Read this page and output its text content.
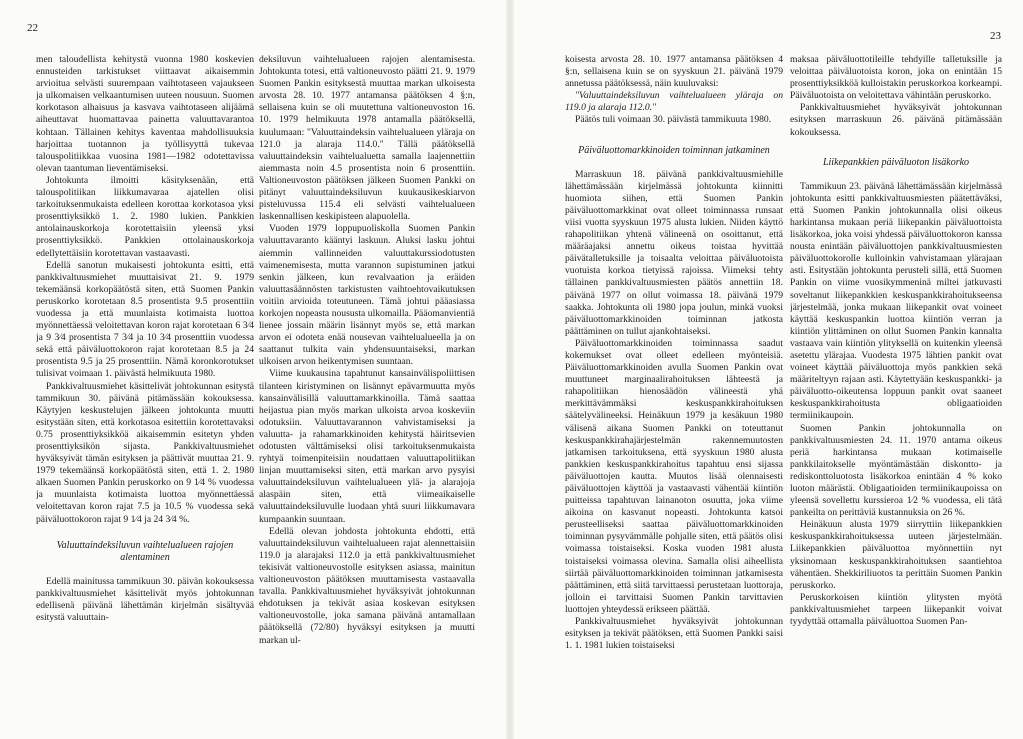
22
23

men taloudellista kehitystä vuonna 1980 koskevien ennusteiden tarkistukset viittaavat aikaisemmin arvioitua selvästi suurempaan vaihtotaseen vajaukseen ja ulkomaisen velkaantumisen uuteen nousuun. Suomen korkotason alhaisuus ja kasvava vaihtotaseen alijäämä aiheuttavat huomattavaa painetta valuuttavarantoa kohtaan. Tällainen kehitys kaventaa mahdollisuuksia harjoittaa tuotannon ja työllisyyttä tukevaa talouspolitiikkaa vuosina 1981—1982 odotettavissa olevan taantuman lieventämiseksi.

Johtokunta ilmoitti käsityksenään, että talouspolitiikan liikkumavaraa ajatellen olisi tarkoituksenmukaista edelleen korottaa korkotasoa yksi prosenttiyksikkö 1. 2. 1980 lukien. Pankkien antolainauskorkoja korotettaisiin yleensä yksi prosenttiyksikkö. Pankkien ottolainauskorkoja edellytettäisiin korotettavan vastaavasti.

Edellä sanotun mukaisesti johtokunta esitti, että pankkivaltuusmiehet muuttaisivat 21. 9. 1979 tekemäänsä korkopäätöstä siten, että Suomen Pankin peruskorko korotetaan 8.5 prosentista 9.5 prosenttiin vuodessa ja että muunlaista kotimaista luottoa myönnettäessä veloitettavan koron rajat korotetaan 6 3⁄4 ja 9 3⁄4 prosentista 7 3⁄4 ja 10 3⁄4 prosenttiin vuodessa sekä että päiväluottokoron rajat korotetaan 8.5 ja 24 prosentista 9.5 ja 25 prosenttiin. Nämä koronkorotukset tulisivat voimaan 1. päivästä helmikuuta 1980.

Pankkivaltuusmiehet käsittelivät johtokunnan esitystä tammikuun 30. päivänä pitämässään kokouksessa. Käytyjen keskustelujen jälkeen johtokunta muutti esitystään siten, että korkotasoa esitettiin korotettavaksi 0.75 prosenttiyksikköä aikaisemmin esitetyn yhden prosenttiyksikön sijasta. Pankkivaltuusmiehet hyväksyivät tämän esityksen ja päättivät muuttaa 21. 9. 1979 tekemäänsä korkopäätöstä siten, että 1. 2. 1980 alkaen Suomen Pankin peruskorko on 9 1⁄4 % vuodessa ja muunlaista kotimaista luottoa myönnettäessä veloitettavan koron rajat 7.5 ja 10.5 % vuodessa sekä päiväluottokoron rajat 9 1⁄4 ja 24 3⁄4 %.

Valuuttaindeksiluvun vaihtelualueen rajojen alentaminen

Edellä mainitussa tammikuun 30. päivän kokouksessa pankkivaltuusmiehet käsittelivät myös johtokunnan edellisenä päivänä lähettämän kirjelmän sisältyvää esitystä valuuttain-

deksiluvun vaihtelualueen rajojen alentamisesta. Johtokunta totesi, että valtioneuvosto päätti 21. 9. 1979 Suomen Pankin esityksestä muuttaa markan ulkoisesta arvosta 28. 10. 1977 antamansa päätöksen 4 §:n, sellaisena kuin se oli muutettuna valtioneuvoston 16. 10. 1979 helmikuuta 1978 antamalla päätöksellä, kuulumaan: "Valuuttaindeksin vaihtelualueen yläraja on 121.0 ja alaraja 114.0." Tällä päätöksellä valuuttaindeksin vaihtelualuetta samalla laajennettiin aiemmasta noin 4.5 prosentista noin 6 prosenttiin. Valtioneuvoston päätöksen jälkeen Suomen Pankki on pitänyt valuuttaindeksiluvun kuukausikeskiarvon pisteluvussa 115.4 eli selvästi vaihtelualueen laskennallisen keskipisteen alapuolella.

Vuoden 1979 loppupuoliskolla Suomen Pankin valuuttavaranto kääntyi laskuun. Aluksi lasku johtui aiemmin vallinneiden valuuttakurssiodotusten vaimenemisesta, mutta varannon supistuminen jatkui senkin jälkeen, kun revalvaation ja eräiden valuuttasäännösten tarkistusten vaihtoehtovaikutuksen voitiin arvioida toteutuneen. Tämä johtui pääasiassa korkojen nopeasta noususta ulkomailla. Pääomanvientiä lienee jossain määrin lisännyt myös se, että markan arvon ei odoteta enää nousevan vaihtelualueella ja on saattanut tulkita vain yhdensuuntaiseksi, markan ulkoisen arvon heikentymisen suuntaan.

Viime kuukausina tapahtunut kansainvälispoliittisen tilanteen kiristyminen on lisännyt epävarmuutta myös kansainvälisillä valuuttamarkkinoilla. Tämä saattaa heijastua pian myös markan ulkoista arvoa koskeviin odotuksiin. Valuuttavarannon vahvistamiseksi ja valuutta- ja rahamarkkinoiden kehitystä häiritsevien odotusten välttämiseksi olisi tarkoituksenmukaista ryhtyä toimenpiteisiin noudattaen valuuttapolitiikan linjan muuttamiseksi siten, että markan arvo pysyisi valuuttaindeksiluvun vaihtelualueen ylä- ja alarajoja alaspäin siten, että viimeaikaiselle valuuttaindeksiluvulle luodaan yhtä suuri liikkumavara kumpaankin suuntaan.

Edellä olevan johdosta johtokunta ehdotti, että valuuttaindeksiluvun vaihtelualueen rajat alennettaisiin 119.0 ja alarajaksi 112.0 ja että pankkivaltuusmiehet tekisivät valtioneuvostolle esityksen asiassa, mainitun valtioneuvoston päätöksen muuttamisesta vastaavalla tavalla. Pankkivaltuusmiehet hyväksyivät johtokunnan ehdotuksen ja tekivät asiaa koskevan esityksen valtioneuvostolle, joka samana päivänä antamallaan päätöksellä (72/80) hyväksyi esityksen ja muutti markan ul-

koisesta arvosta 28. 10. 1977 antamansa päätöksen 4 §:n, sellaisena kuin se on syyskuun 21. päivänä 1979 annetussa päätöksessä, näin kuuluvaksi:

"Valuuttaindeksiluvun vaihtelualueen yläraja on 119.0 ja alaraja 112.0."

Päätös tuli voimaan 30. päivästä tammikuuta 1980.

Päiväluottomarkkinoiden toiminnan jatkaminen

Marraskuun 18. päivänä pankkivaltuusmiehille lähettämässään kirjelmässä johtokunta kiinnitti huomiota siihen, että Suomen Pankin päiväluottomarkkinat ovat olleet toiminnassa runsaat viisi vuotta syyskuun 1975 alusta lukien. Niiden käyttö rahapolitiikan yhtenä välineenä on osoittanut, että määräajaksi annettu oikeus toistaa hyvittää päivätalletuksille ja toisaalta veloittaa päiväluotoista vuotuista korkoa tietyissä rajoissa. Viimeksi tehty tällainen pankkivaltuusmiesten päätös annettiin 18. päivänä 1977 on ollut voimassa 18. päivänä 1979 saakka. Johtokunta oli 1980 jopa joulun, minkä vuoksi päiväluottomarkkinoiden toiminnan jatkosta päättäminen on tullut ajankohtaiseksi.

Päiväluottomarkkinoiden toiminnassa saadut kokemukset ovat olleet edelleen myönteisiä. Päiväluottomarkkinoiden avulla Suomen Pankin ovat muuttuneet marginaalirahoituksen lähteestä ja rahapolitiikan hienosäädön välineestä yhä merkittävämmäksi keskuspankkirahoituksen säätelyvälineeksi. Heinäkuun 1979 ja kesäkuun 1980 välisenä aikana Suomen Pankki on toteuttanut keskuspankkirahajärjestelmän rakennemuutosten jatkamisen tarkoituksena, että syyskuun 1980 alusta pankkien keskuspankkirahoitus tapahtuu ensi sijassa päiväluottojen kautta. Muutos lisää olennaisesti päiväluottojen käyttöä ja vastaavasti vähentää kiintiön puitteissa tapahtuvan lainanoton osuutta, joka viime aikoina on kasvanut nopeasti. Johtokunta katsoi perusteelliseksi saattaa päiväluottomarkkinoiden toiminnan pysyvämmälle pohjalle siten, että päätös olisi voimassa toistaiseksi. Koska vuoden 1981 alusta toistaiseksi voimassa olevina. Samalla olisi aiheellista siirtää päiväluottomarkkinoiden toiminnan jatkamisesta päättäminen, että siitä tarvittaessi perustetaan luottoraja, jolloin ei tarvittaisi Suomen Pankin tarvittavien luottojen yhteydessä erikseen päättää.

Pankkivaltuusmiehet hyväksyivät johtokunnan esityksen ja tekivät päätöksen, että Suomen Pankki saisi 1. 1. 1981 lukien toistaiseksi

maksaa päiväluottotileille tehdyille talletuksille ja veloittaa päiväluotoista koron, joka on enintään 15 prosenttiyksikköä kulloistakin peruskorkoa korkeampi. Päiväluotoista on veloitettava vähintään peruskorko.

Pankkivaltuusmiehet hyväksyivät johtokunnan esityksen marraskuun 26. päivänä pitämässään kokouksessa.

Liikepankkien päiväluoton lisäkorko

Tammikuun 23. päivänä lähettämässään kirjelmässä johtokunta esitti pankkivaltuusmiesten päätettäväksi, että Suomen Pankin johtokunnalla olisi oikeus harkintansa mukaan periä liikepankin päiväluottoista lisäkorkoa, joka voisi yhdessä päiväluottokoron kanssa nousta enintään päiväluottojen pankkivaltuusmiesten päiväluottokorolle kulloinkin vahvistamaan ylärajaan asti. Esitystään johtokunta perusteli sillä, että Suomen Pankin on viime vuosikymmeninä miltei jatkuvasti soveltanut liikepankkien keskuspankkirahoitukseensa järjestelmää, jonka mukaan liikepankit ovat voineet käyttää keskuspankin luottoa kiintiön verran ja kiintiön ylittäminen on ollut Suomen Pankin kannalta vastaava vain kiintiön ylityksellä on kuitenkin yleensä asetettu ylärajaa. Vuodesta 1975 lähtien pankit ovat voineet käyttää päiväluottoja myös pankkien sekä määriteltyyn rajaan asti. Käytettyään keskuspankki- ja päiväluotto-oikeutensa loppuun pankit ovat saaneet keskuspankkirahoitusta obligaatioiden termiinikaupoin.

Suomen Pankin johtokunnalla on pankkivaltuusmiesten 24. 11. 1970 antama oikeus periä harkintansa mukaan kotimaiselle pankkilaitokselle myöntämästään diskontto- ja rediskonttoluotosta lisäkorkoa enintään 4 % koko luoton määrästä. Obligaatioiden termiinikaupoissa on yleensä sovellettu kurssieroa 1⁄2 % vuodessa, eli tätä pankeilta on perittäviä kustannuksia on 26 %.

Heinäkuun alusta 1979 siirryttiin liikepankkien keskuspankkirahoituksessa uuteen järjestelmään. Liikepankkien päiväluottoa myönnettiin nyt yksinomaan keskuspankkirahoituksen saantiehtoa vähentäen. Shekkiriliuotos ta perittäin Suomen Pankin peruskorko.

Peruskorkoisen kiintiön ylitysten myötä pankkivaltuusmiehet tarpeen liikepankit voivat tyydyttää ottamalla päiväluottoa Suomen Pan-
